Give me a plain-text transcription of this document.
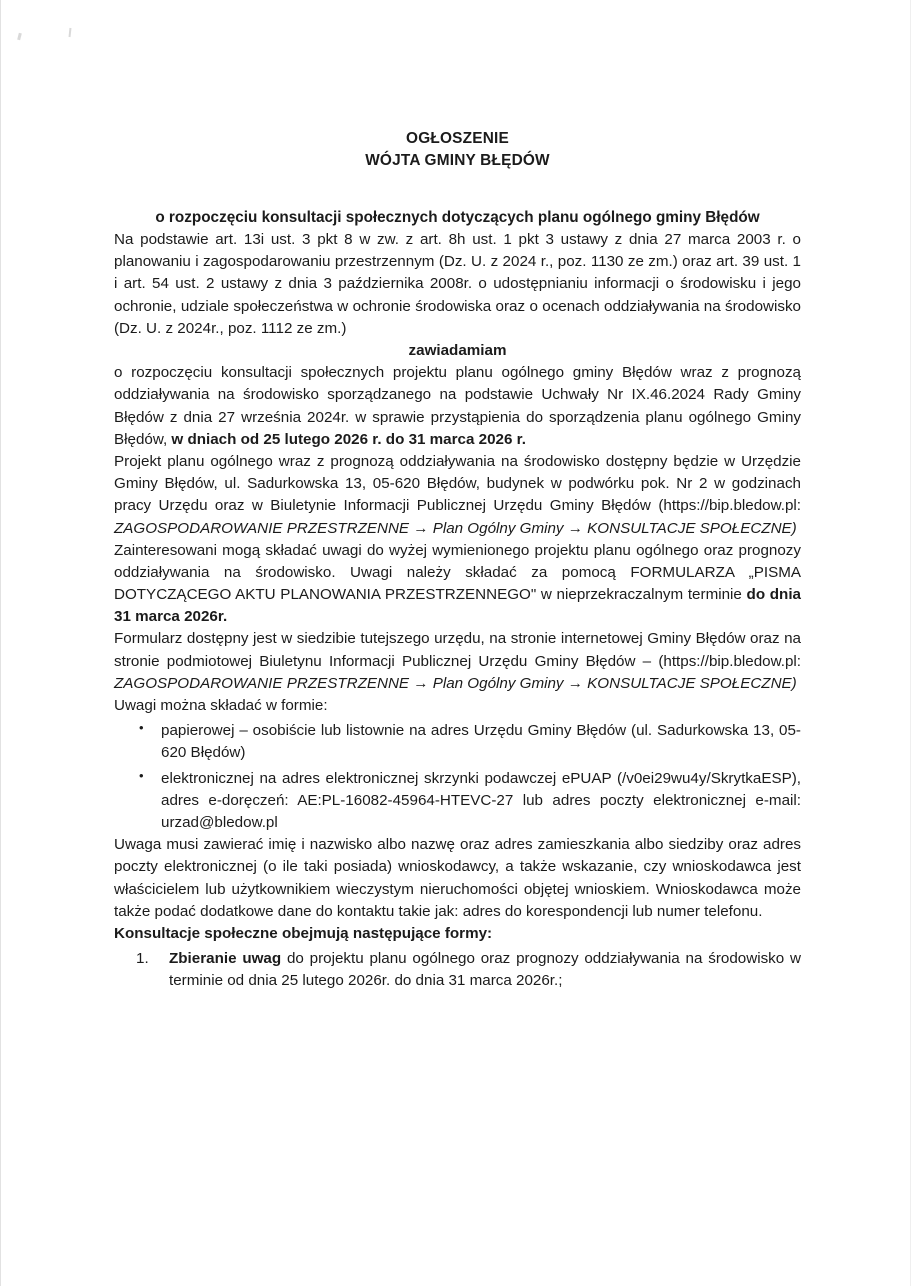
OGŁOSZENIE
WÓJTA GMINY BŁĘDÓW
o rozpoczęciu konsultacji społecznych dotyczących planu ogólnego gminy Błędów

Na podstawie art. 13i ust. 3 pkt 8 w zw. z art. 8h ust. 1 pkt 3 ustawy z dnia 27 marca 2003 r. o planowaniu i zagospodarowaniu przestrzennym (Dz. U. z 2024 r., poz. 1130 ze zm.) oraz art. 39 ust. 1 i art. 54 ust. 2 ustawy z dnia 3 października 2008r. o udostępnianiu informacji o środowisku i jego ochronie, udziale społeczeństwa w ochronie środowiska oraz o ocenach oddziaływania na środowisko (Dz. U. z 2024r., poz. 1112 ze zm.)

zawiadamiam

o rozpoczęciu konsultacji społecznych projektu planu ogólnego gminy Błędów wraz z prognozą oddziaływania na środowisko sporządzanego na podstawie Uchwały Nr IX.46.2024 Rady Gminy Błędów z dnia 27 września 2024r. w sprawie przystąpienia do sporządzenia planu ogólnego Gminy Błędów, w dniach od 25 lutego 2026 r. do 31 marca 2026 r.

Projekt planu ogólnego wraz z prognozą oddziaływania na środowisko dostępny będzie w Urzędzie Gminy Błędów, ul. Sadurkowska 13, 05-620 Błędów, budynek w podwórku pok. Nr 2 w godzinach pracy Urzędu oraz w Biuletynie Informacji Publicznej Urzędu Gminy Błędów (https://bip.bledow.pl: ZAGOSPODAROWANIE PRZESTRZENNE → Plan Ogólny Gminy → KONSULTACJE SPOŁECZNE)

Zainteresowani mogą składać uwagi do wyżej wymienionego projektu planu ogólnego oraz prognozy oddziaływania na środowisko. Uwagi należy składać za pomocą FORMULARZA „PISMA DOTYCZĄCEGO AKTU PLANOWANIA PRZESTRZENNEGO" w nieprzekraczalnym terminie do dnia 31 marca 2026r.

Formularz dostępny jest w siedzibie tutejszego urzędu, na stronie internetowej Gminy Błędów oraz na stronie podmiotowej Biuletynu Informacji Publicznej Urzędu Gminy Błędów – (https://bip.bledow.pl: ZAGOSPODAROWANIE PRZESTRZENNE → Plan Ogólny Gminy → KONSULTACJE SPOŁECZNE)

Uwagi można składać w formie:

• papierowej – osobiście lub listownie na adres Urzędu Gminy Błędów (ul. Sadurkowska 13, 05-620 Błędów)
• elektronicznej na adres elektronicznej skrzynki podawczej ePUAP (/v0ei29wu4y/SkrytkaESP), adres e-doręczeń: AE:PL-16082-45964-HTEVC-27 lub adres poczty elektronicznej e-mail: urzad@bledow.pl

Uwaga musi zawierać imię i nazwisko albo nazwę oraz adres zamieszkania albo siedziby oraz adres poczty elektronicznej (o ile taki posiada) wnioskodawcy, a także wskazanie, czy wnioskodawca jest właścicielem lub użytkownikiem wieczystym nieruchomości objętej wnioskiem. Wnioskodawca może także podać dodatkowe dane do kontaktu takie jak: adres do korespondencji lub numer telefonu.

Konsultacje społeczne obejmują następujące formy:

Zbieranie uwag do projektu planu ogólnego oraz prognozy oddziaływania na środowisko w terminie od dnia 25 lutego 2026r. do dnia 31 marca 2026r.;
